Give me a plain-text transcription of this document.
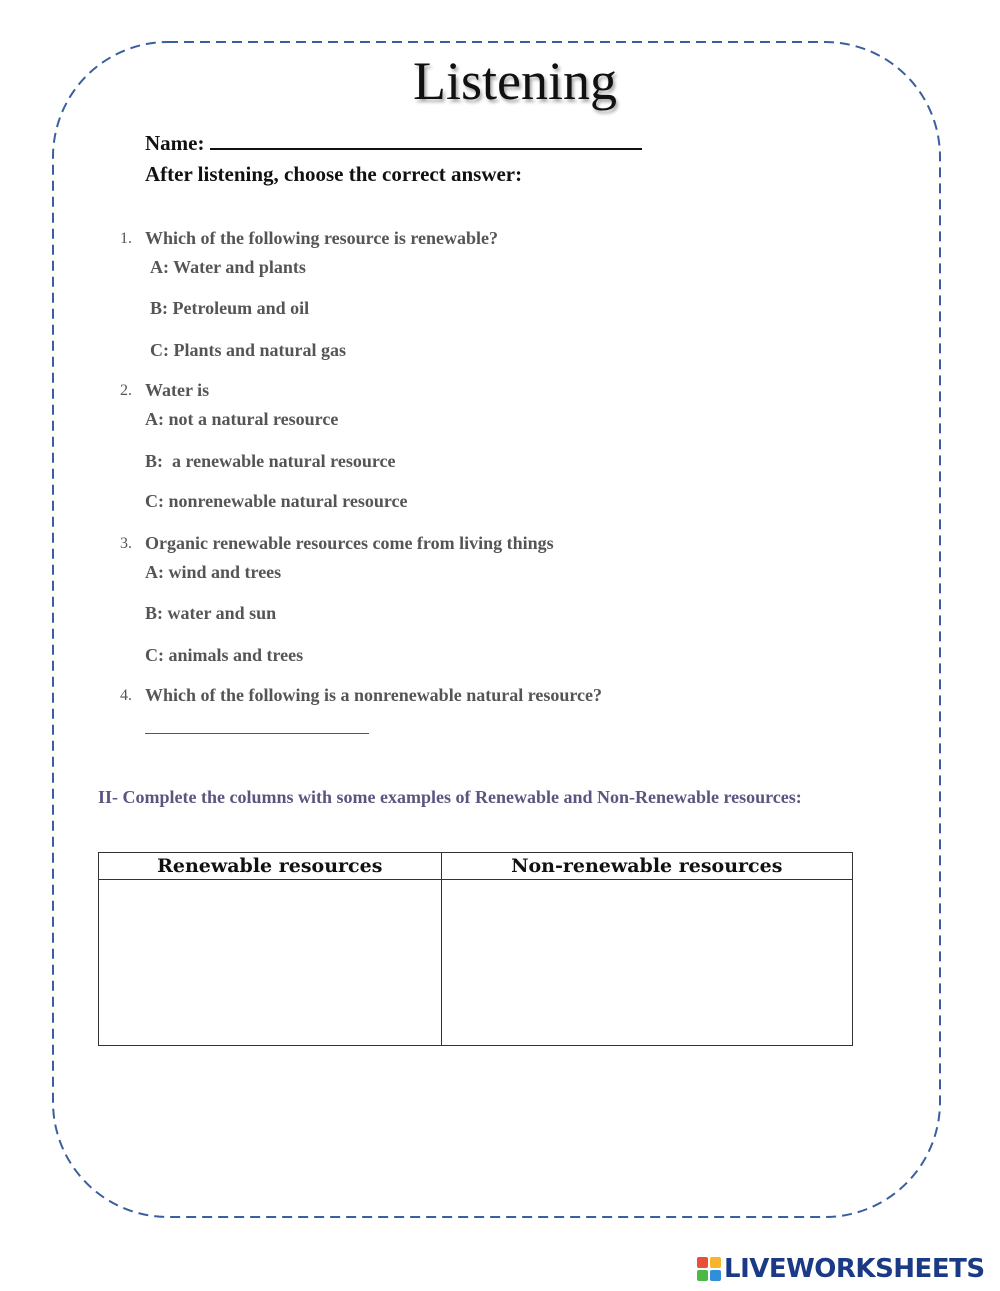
Listening
Name:
After listening, choose the correct answer:
1. Which of the following resource is renewable?
A: Water and plants
B: Petroleum and oil
C: Plants and natural gas
2. Water is
A: not a natural resource
B:  a renewable natural resource
C: nonrenewable natural resource
3. Organic renewable resources come from living things
A: wind and trees
B: water and sun
C: animals and trees
4. Which of the following is a nonrenewable natural resource?
II- Complete the columns with some examples of Renewable and Non-Renewable resources:
Renewable resources	Non-renewable resources

LIVEWORKSHEETS
